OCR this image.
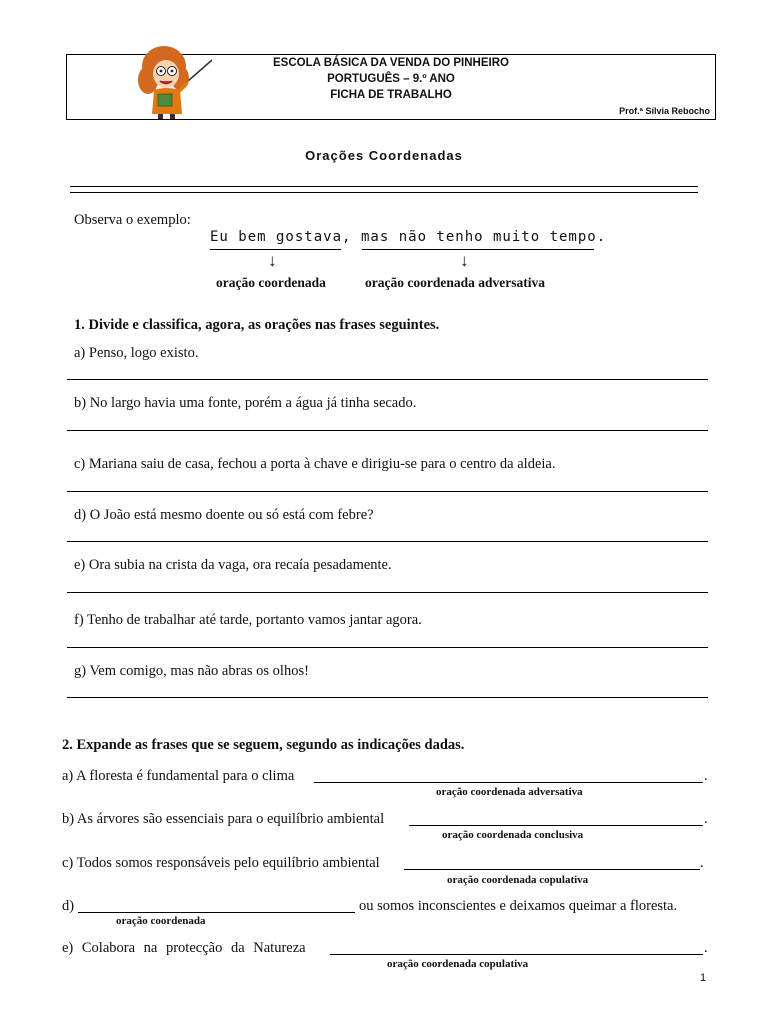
ESCOLA BÁSICA DA VENDA DO PINHEIRO
PORTUGUÊS – 9.º ANO
FICHA DE TRABALHO
Prof.ª Sílvia Rebocho
Orações Coordenadas
Observa o exemplo:
Eu bem gostava, mas não tenho muito tempo.
↓	↓
oração coordenada	oração coordenada adversativa
1. Divide e classifica, agora, as orações nas frases seguintes.
a) Penso, logo existo.
b) No largo havia uma fonte, porém a água já tinha secado.
c) Mariana saiu de casa, fechou a porta à chave e dirigiu-se para o centro da aldeia.
d) O João está mesmo doente ou só está com febre?
e) Ora subia na crista da vaga, ora recaía pesadamente.
f) Tenho de trabalhar até tarde, portanto vamos jantar agora.
g) Vem comigo, mas não abras os olhos!
2. Expande as frases que se seguem, segundo as indicações dadas.
a) A floresta é fundamental para o clima	.
oração coordenada adversativa
b) As árvores são essenciais para o equilíbrio ambiental	.
oração coordenada conclusiva
c) Todos somos responsáveis pelo equilíbrio ambiental	.
oração coordenada copulativa
d)	ou somos inconscientes e deixamos queimar a floresta.
oração coordenada
e) Colabora na protecção da Natureza	.
oração coordenada copulativa
1
